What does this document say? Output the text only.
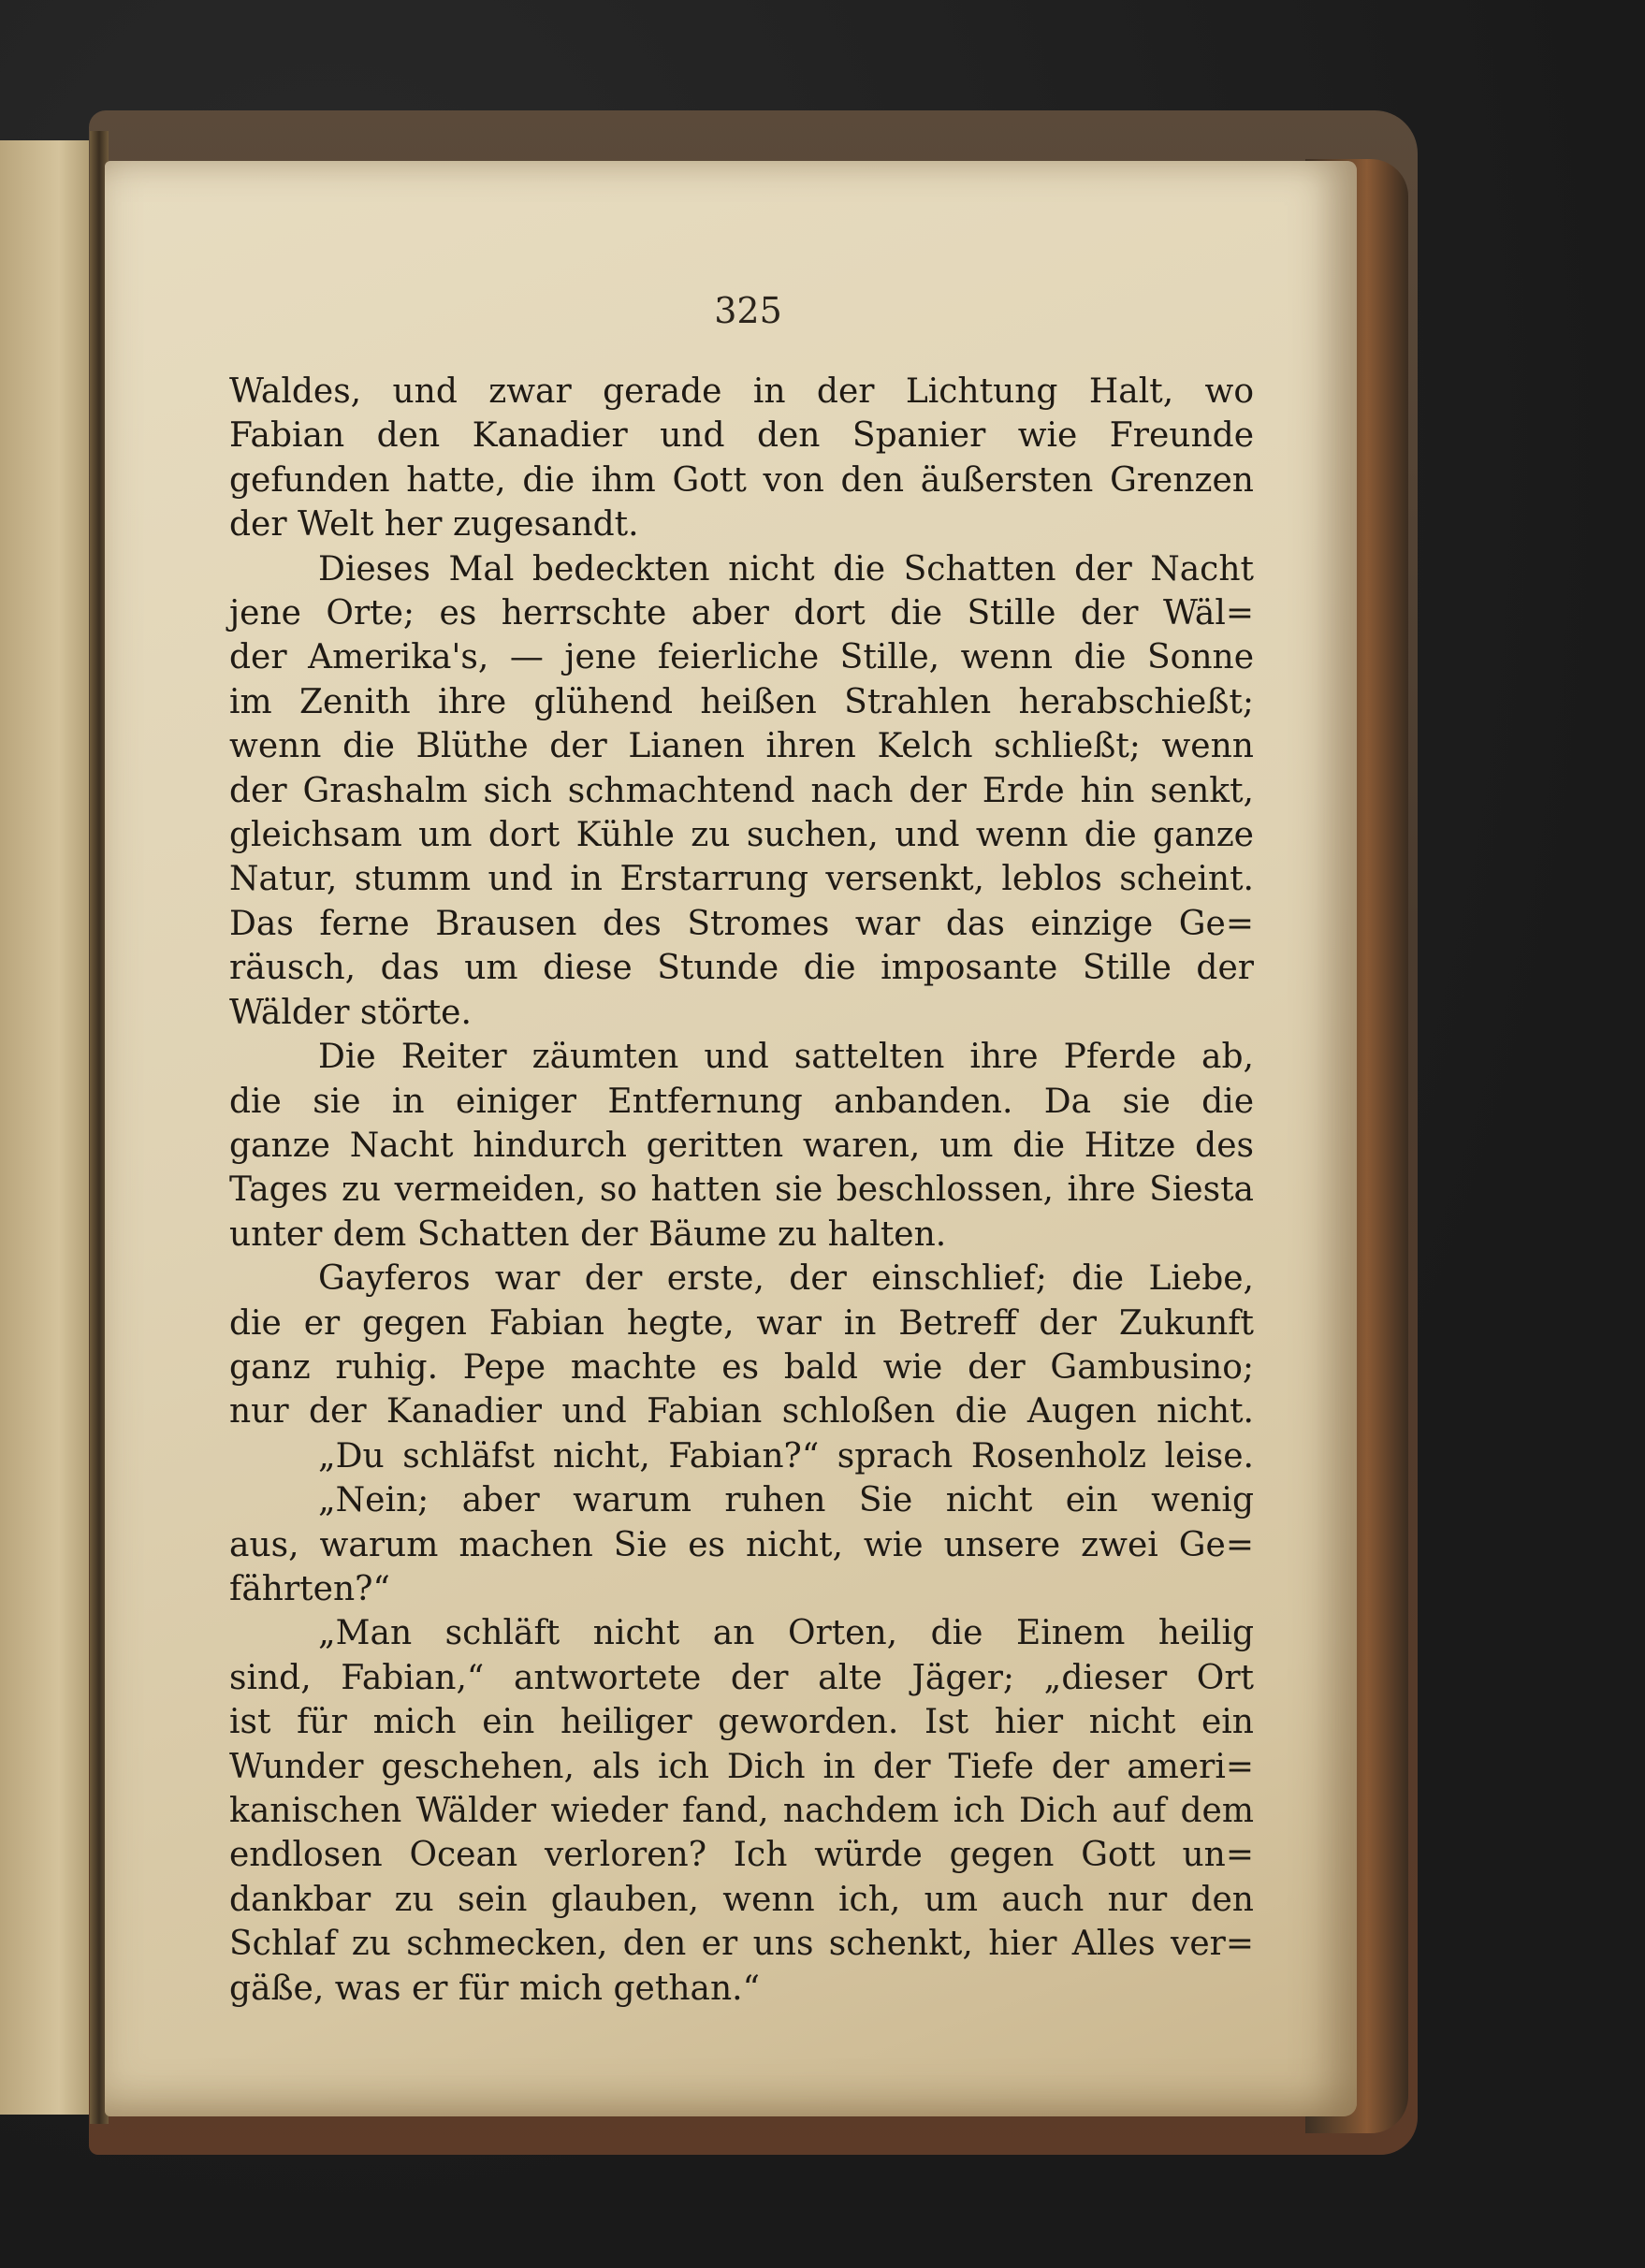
325
Waldes, und zwar gerade in der Lichtung Halt, wo
Fabian den Kanadier und den Spanier wie Freunde
gefunden hatte, die ihm Gott von den äußersten Grenzen
der Welt her zugesandt.
Dieses Mal bedeckten nicht die Schatten der Nacht
jene Orte; es herrschte aber dort die Stille der Wäl=
der Amerika's, — jene feierliche Stille, wenn die Sonne
im Zenith ihre glühend heißen Strahlen herabschießt;
wenn die Blüthe der Lianen ihren Kelch schließt; wenn
der Grashalm sich schmachtend nach der Erde hin senkt,
gleichsam um dort Kühle zu suchen, und wenn die ganze
Natur, stumm und in Erstarrung versenkt, leblos scheint.
Das ferne Brausen des Stromes war das einzige Ge=
räusch, das um diese Stunde die imposante Stille der
Wälder störte.
Die Reiter zäumten und sattelten ihre Pferde ab,
die sie in einiger Entfernung anbanden. Da sie die
ganze Nacht hindurch geritten waren, um die Hitze des
Tages zu vermeiden, so hatten sie beschlossen, ihre Siesta
unter dem Schatten der Bäume zu halten.
Gayferos war der erste, der einschlief; die Liebe,
die er gegen Fabian hegte, war in Betreff der Zukunft
ganz ruhig. Pepe machte es bald wie der Gambusino;
nur der Kanadier und Fabian schloßen die Augen nicht.
„Du schläfst nicht, Fabian?“ sprach Rosenholz leise.
„Nein; aber warum ruhen Sie nicht ein wenig
aus, warum machen Sie es nicht, wie unsere zwei Ge=
fährten?“
„Man schläft nicht an Orten, die Einem heilig
sind, Fabian,“ antwortete der alte Jäger; „dieser Ort
ist für mich ein heiliger geworden. Ist hier nicht ein
Wunder geschehen, als ich Dich in der Tiefe der ameri=
kanischen Wälder wieder fand, nachdem ich Dich auf dem
endlosen Ocean verloren? Ich würde gegen Gott un=
dankbar zu sein glauben, wenn ich, um auch nur den
Schlaf zu schmecken, den er uns schenkt, hier Alles ver=
gäße, was er für mich gethan.“
